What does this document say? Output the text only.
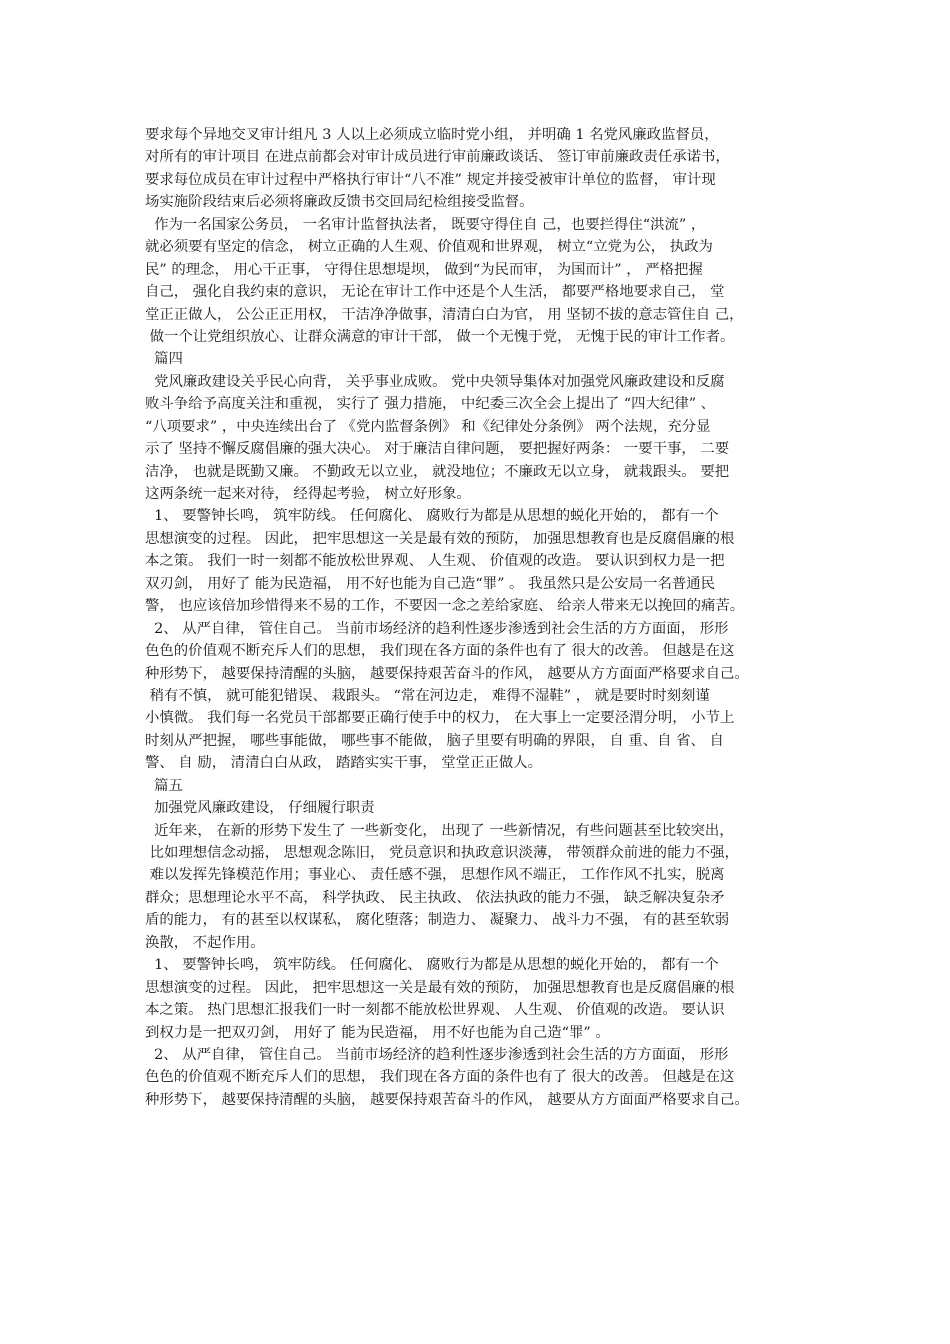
要求每个异地交叉审计组凡 3 人以上必须成立临时党小组， 并明确 1 名党风廉政监督员，
对所有的审计项目 在进点前都会对审计成员进行审前廉政谈话、 签订审前廉政责任承诺书，
要求每位成员在审计过程中严格执行审计“八不准” 规定并接受被审计单位的监督， 审计现
场实施阶段结束后必须将廉政反馈书交回局纪检组接受监督。
作为一名国家公务员， 一名审计监督执法者， 既要守得住自 己，也要拦得住“洪流” ，
就必须要有坚定的信念， 树立正确的人生观、价值观和世界观， 树立“立党为公， 执政为
民” 的理念， 用心干正事， 守得住思想堤坝， 做到“为民而审， 为国而计” ， 严格把握
自己， 强化自我约束的意识， 无论在审计工作中还是个人生活， 都要严格地要求自己， 堂
堂正正做人， 公公正正用权， 干洁净净做事，清清白白为官， 用 坚韧不拔的意志管住自 己，
做一个让党组织放心、让群众满意的审计干部， 做一个无愧于党， 无愧于民的审计工作者。
篇四
党风廉政建设关乎民心向背， 关乎事业成败。 党中央领导集体对加强党风廉政建设和反腐
败斗争给予高度关注和重视， 实行了 强力措施， 中纪委三次全会上提出了 “四大纪律” 、
“八项要求” ，中央连续出台了 《党内监督条例》 和《纪律处分条例》 两个法规，充分显
示了 坚持不懈反腐倡廉的强大决心。 对于廉洁自律问题， 要把握好两条： 一要干事， 二要
洁净， 也就是既勤又廉。 不勤政无以立业， 就没地位；不廉政无以立身， 就栽跟头。 要把
这两条统一起来对待， 经得起考验， 树立好形象。
1、 要警钟长鸣， 筑牢防线。 任何腐化、 腐败行为都是从思想的蜕化开始的， 都有一个
思想演变的过程。 因此， 把牢思想这一关是最有效的预防， 加强思想教育也是反腐倡廉的根
本之策。 我们一时一刻都不能放松世界观、 人生观、 价值观的改造。 要认识到权力是一把
双刃剑， 用好了 能为民造福， 用不好也能为自己造“罪” 。 我虽然只是公安局一名普通民
警， 也应该倍加珍惜得来不易的工作，不要因一念之差给家庭、 给亲人带来无以挽回的痛苦。
2、 从严自律， 管住自己。 当前市场经济的趋利性逐步渗透到社会生活的方方面面， 形形
色色的价值观不断充斥人们的思想， 我们现在各方面的条件也有了 很大的改善。 但越是在这
种形势下， 越要保持清醒的头脑， 越要保持艰苦奋斗的作风， 越要从方方面面严格要求自己。
稍有不慎， 就可能犯错误、 栽跟头。 “常在河边走， 难得不湿鞋” ， 就是要时时刻刻谨
小慎微。 我们每一名党员干部都要正确行使手中的权力， 在大事上一定要泾渭分明， 小节上
时刻从严把握， 哪些事能做， 哪些事不能做， 脑子里要有明确的界限， 自 重、自 省、 自
警、 自 励， 清清白白从政， 踏踏实实干事， 堂堂正正做人。
篇五
加强党风廉政建设， 仔细履行职责
近年来， 在新的形势下发生了 一些新变化， 出现了 一些新情况，有些问题甚至比较突出，
比如理想信念动摇， 思想观念陈旧， 党员意识和执政意识淡薄， 带领群众前进的能力不强，
难以发挥先锋模范作用；事业心、 责任感不强， 思想作风不端正， 工作作风不扎实，脱离
群众；思想理论水平不高， 科学执政、 民主执政、 依法执政的能力不强， 缺乏解决复杂矛
盾的能力， 有的甚至以权谋私， 腐化堕落；制造力、 凝聚力、 战斗力不强， 有的甚至软弱
涣散， 不起作用。
1、 要警钟长鸣， 筑牢防线。 任何腐化、 腐败行为都是从思想的蜕化开始的， 都有一个
思想演变的过程。 因此， 把牢思想这一关是最有效的预防， 加强思想教育也是反腐倡廉的根
本之策。 热门思想汇报我们一时一刻都不能放松世界观、 人生观、 价值观的改造。 要认识
到权力是一把双刃剑， 用好了 能为民造福， 用不好也能为自己造“罪” 。
2、 从严自律， 管住自己。 当前市场经济的趋利性逐步渗透到社会生活的方方面面， 形形
色色的价值观不断充斥人们的思想， 我们现在各方面的条件也有了 很大的改善。 但越是在这
种形势下， 越要保持清醒的头脑， 越要保持艰苦奋斗的作风， 越要从方方面面严格要求自己。
